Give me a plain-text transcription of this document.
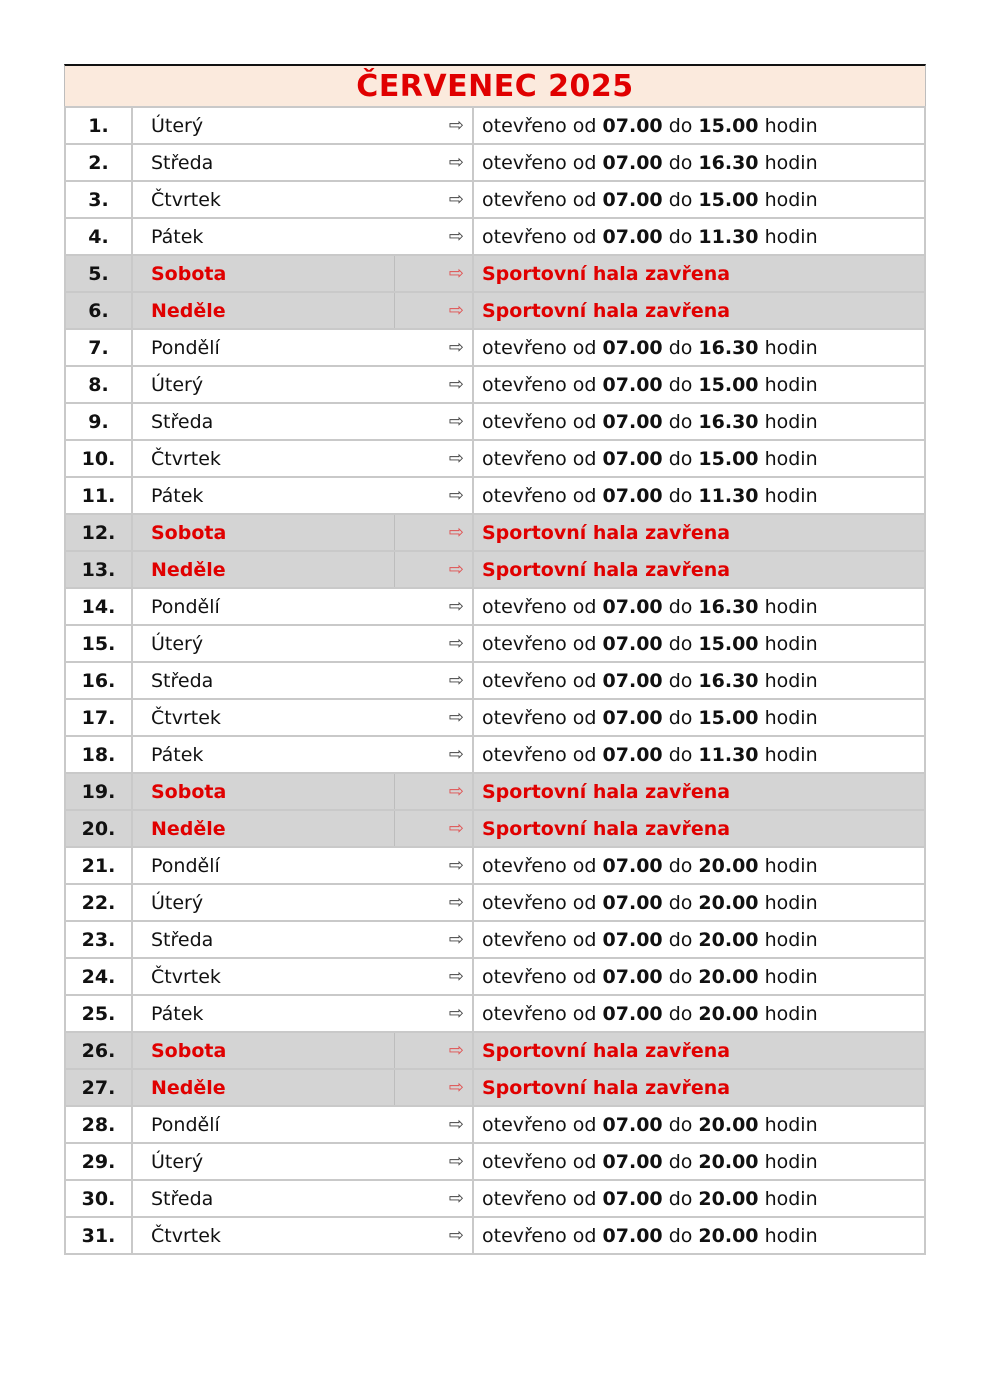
ČERVENEC 2025
1.	Úterý	⇨	otevřeno od 07.00 do 15.00 hodin
2.	Středa	⇨	otevřeno od 07.00 do 16.30 hodin
3.	Čtvrtek	⇨	otevřeno od 07.00 do 15.00 hodin
4.	Pátek	⇨	otevřeno od 07.00 do 11.30 hodin
5.	Sobota	⇨	Sportovní hala zavřena
6.	Neděle	⇨	Sportovní hala zavřena
7.	Pondělí	⇨	otevřeno od 07.00 do 16.30 hodin
8.	Úterý	⇨	otevřeno od 07.00 do 15.00 hodin
9.	Středa	⇨	otevřeno od 07.00 do 16.30 hodin
10.	Čtvrtek	⇨	otevřeno od 07.00 do 15.00 hodin
11.	Pátek	⇨	otevřeno od 07.00 do 11.30 hodin
12.	Sobota	⇨	Sportovní hala zavřena
13.	Neděle	⇨	Sportovní hala zavřena
14.	Pondělí	⇨	otevřeno od 07.00 do 16.30 hodin
15.	Úterý	⇨	otevřeno od 07.00 do 15.00 hodin
16.	Středa	⇨	otevřeno od 07.00 do 16.30 hodin
17.	Čtvrtek	⇨	otevřeno od 07.00 do 15.00 hodin
18.	Pátek	⇨	otevřeno od 07.00 do 11.30 hodin
19.	Sobota	⇨	Sportovní hala zavřena
20.	Neděle	⇨	Sportovní hala zavřena
21.	Pondělí	⇨	otevřeno od 07.00 do 20.00 hodin
22.	Úterý	⇨	otevřeno od 07.00 do 20.00 hodin
23.	Středa	⇨	otevřeno od 07.00 do 20.00 hodin
24.	Čtvrtek	⇨	otevřeno od 07.00 do 20.00 hodin
25.	Pátek	⇨	otevřeno od 07.00 do 20.00 hodin
26.	Sobota	⇨	Sportovní hala zavřena
27.	Neděle	⇨	Sportovní hala zavřena
28.	Pondělí	⇨	otevřeno od 07.00 do 20.00 hodin
29.	Úterý	⇨	otevřeno od 07.00 do 20.00 hodin
30.	Středa	⇨	otevřeno od 07.00 do 20.00 hodin
31.	Čtvrtek	⇨	otevřeno od 07.00 do 20.00 hodin
